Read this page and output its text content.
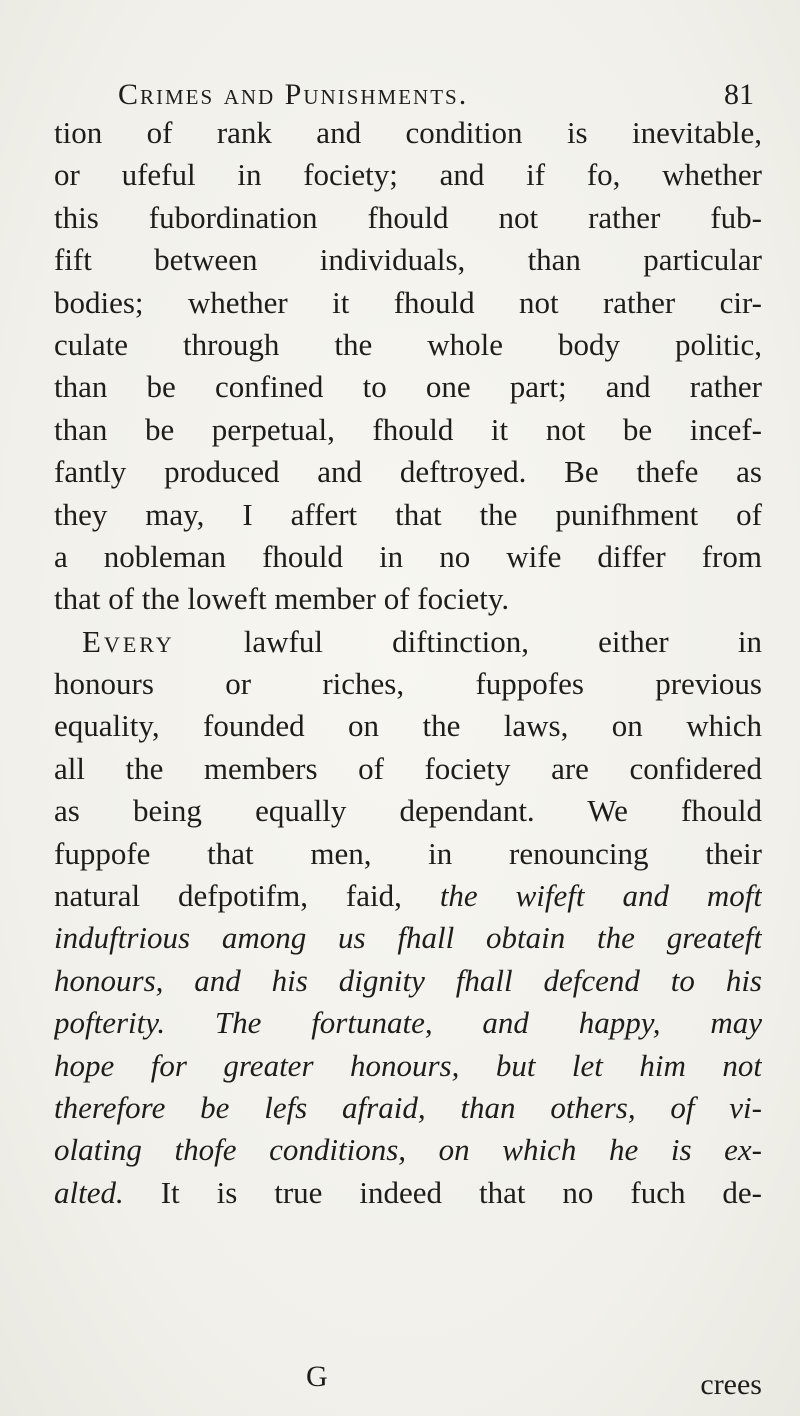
Crimes and Punishments.	81
tion of rank and condition is inevitable,
or ufeful in fociety; and if fo, whether
this fubordination fhould not rather fub-
fift between individuals, than particular
bodies; whether it fhould not rather cir-
culate through the whole body politic,
than be confined to one part; and rather
than be perpetual, fhould it not be incef-
fantly produced and deftroyed. Be thefe as
they may, I affert that the punifhment of
a nobleman fhould in no wife differ from
that of the loweft member of fociety.
Every lawful diftinction, either in
honours or riches, fuppofes previous
equality, founded on the laws, on which
all the members of fociety are confidered
as being equally dependant. We fhould
fuppofe that men, in renouncing their
natural defpotifm, faid, the wifeft and moft
induftrious among us fhall obtain the greateft
honours, and his dignity fhall defcend to his
pofterity. The fortunate, and happy, may
hope for greater honours, but let him not
therefore be lefs afraid, than others, of vi-
olating thofe conditions, on which he is ex-
alted. It is true indeed that no fuch de-
G	crees
